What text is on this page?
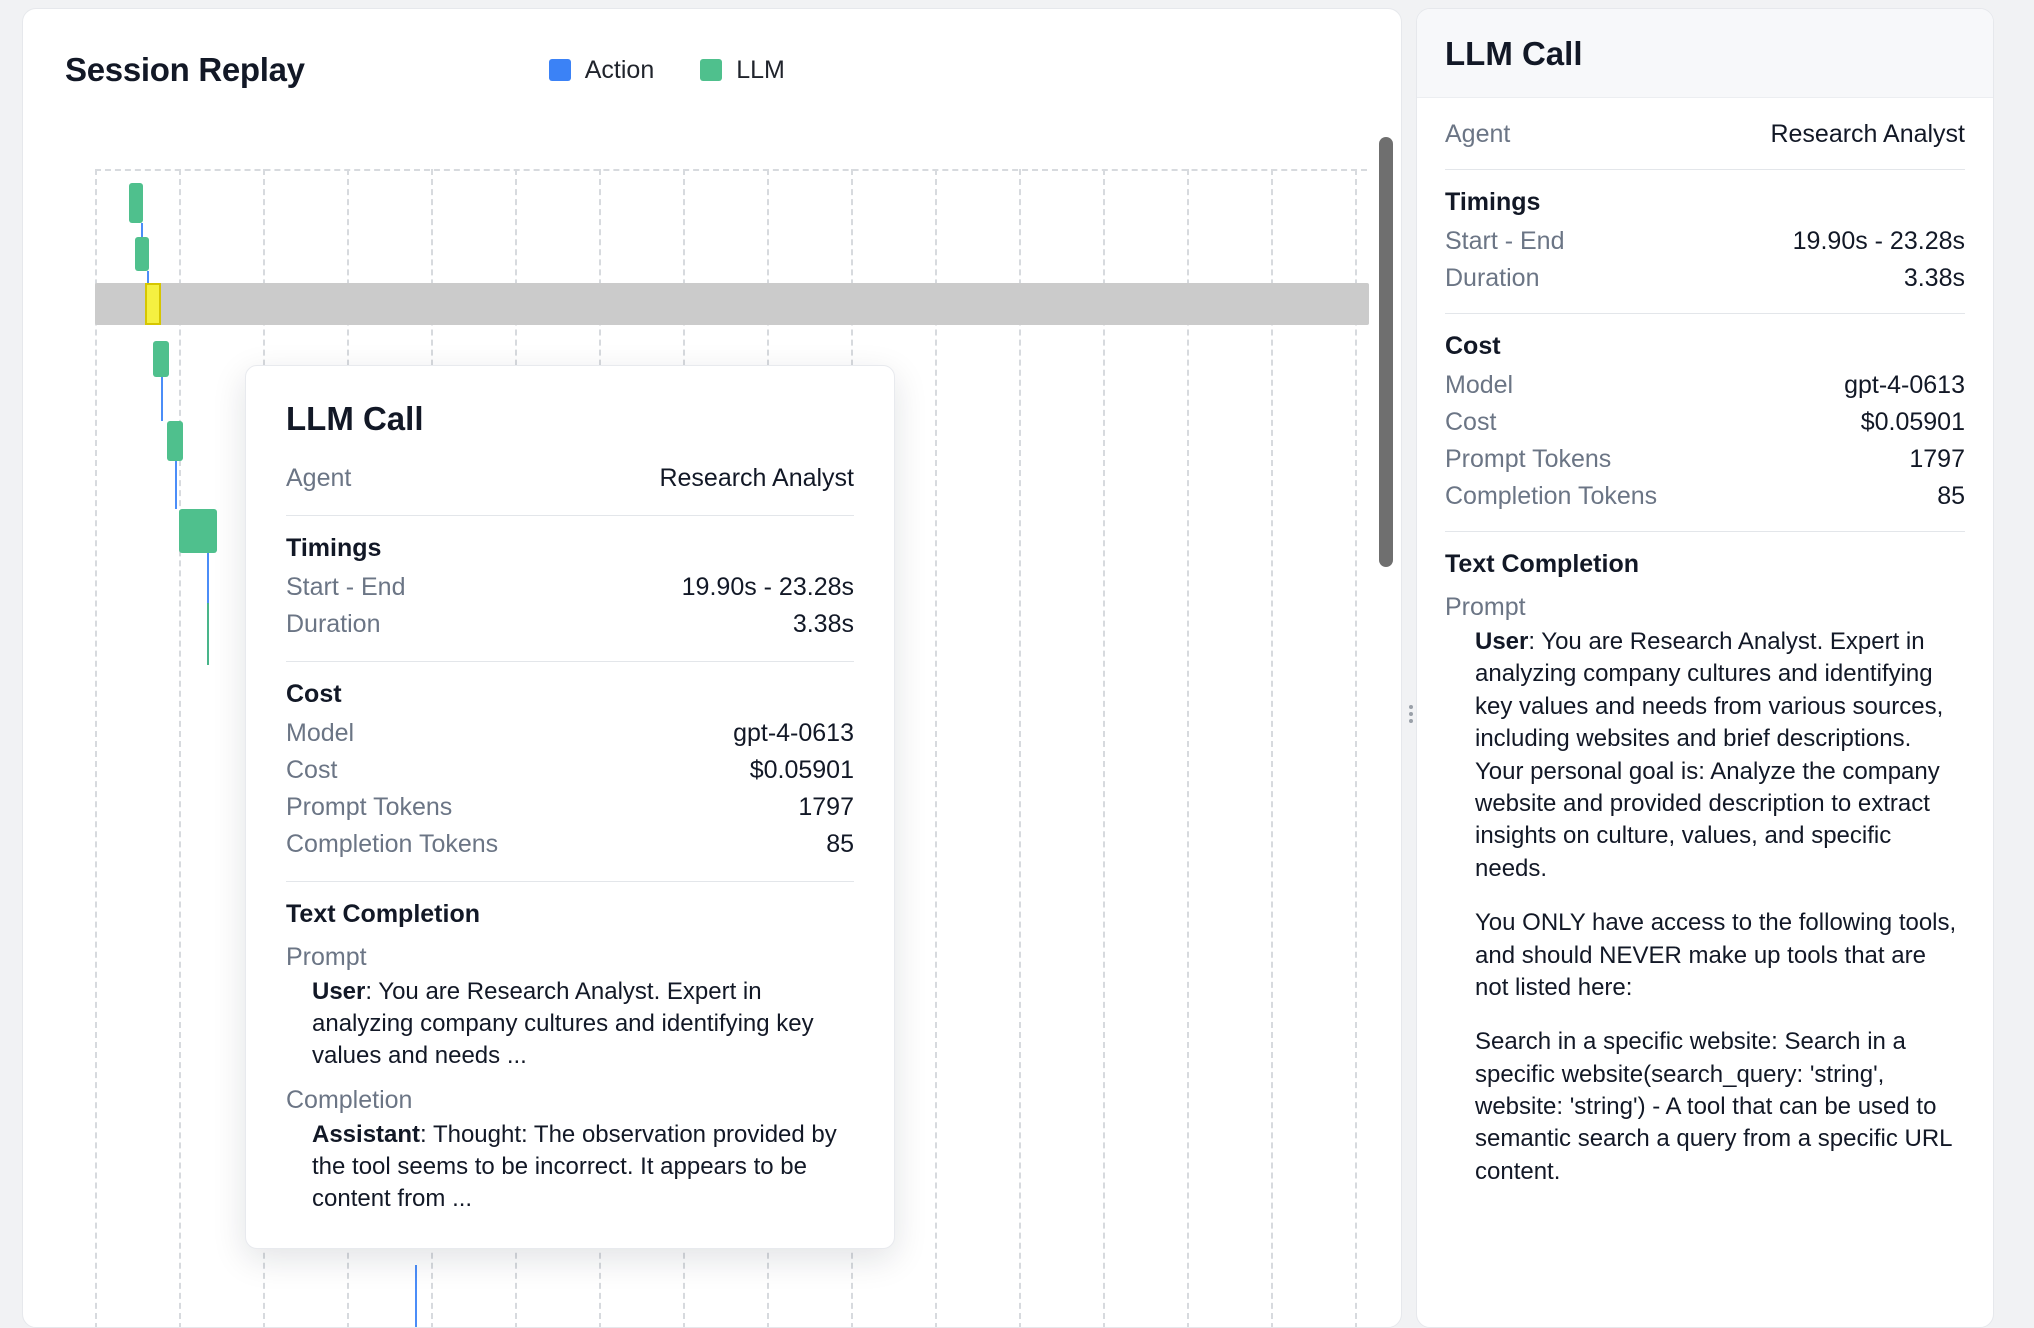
Session Replay	Action	LLM
LLM Call
Agent	Research Analyst
Timings
Start - End	19.90s - 23.28s
Duration	3.38s
Cost
Model	gpt-4-0613
Cost	$0.05901
Prompt Tokens	1797
Completion Tokens	85
Text Completion
Prompt
User: You are Research Analyst. Expert in analyzing company cultures and identifying key values and needs ...
Completion
Assistant: Thought: The observation provided by the tool seems to be incorrect. It appears to be content from ...
LLM Call
Agent	Research Analyst
Timings
Start - End	19.90s - 23.28s
Duration	3.38s
Cost
Model	gpt-4-0613
Cost	$0.05901
Prompt Tokens	1797
Completion Tokens	85
Text Completion
Prompt

User: You are Research Analyst. Expert in analyzing company cultures and identifying key values and needs from various sources, including websites and brief descriptions.
Your personal goal is: Analyze the company website and provided description to extract insights on culture, values, and specific needs.

You ONLY have access to the following tools, and should NEVER make up tools that are not listed here:

Search in a specific website: Search in a specific website(search_query: 'string', website: 'string') - A tool that can be used to semantic search a query from a specific URL content.
